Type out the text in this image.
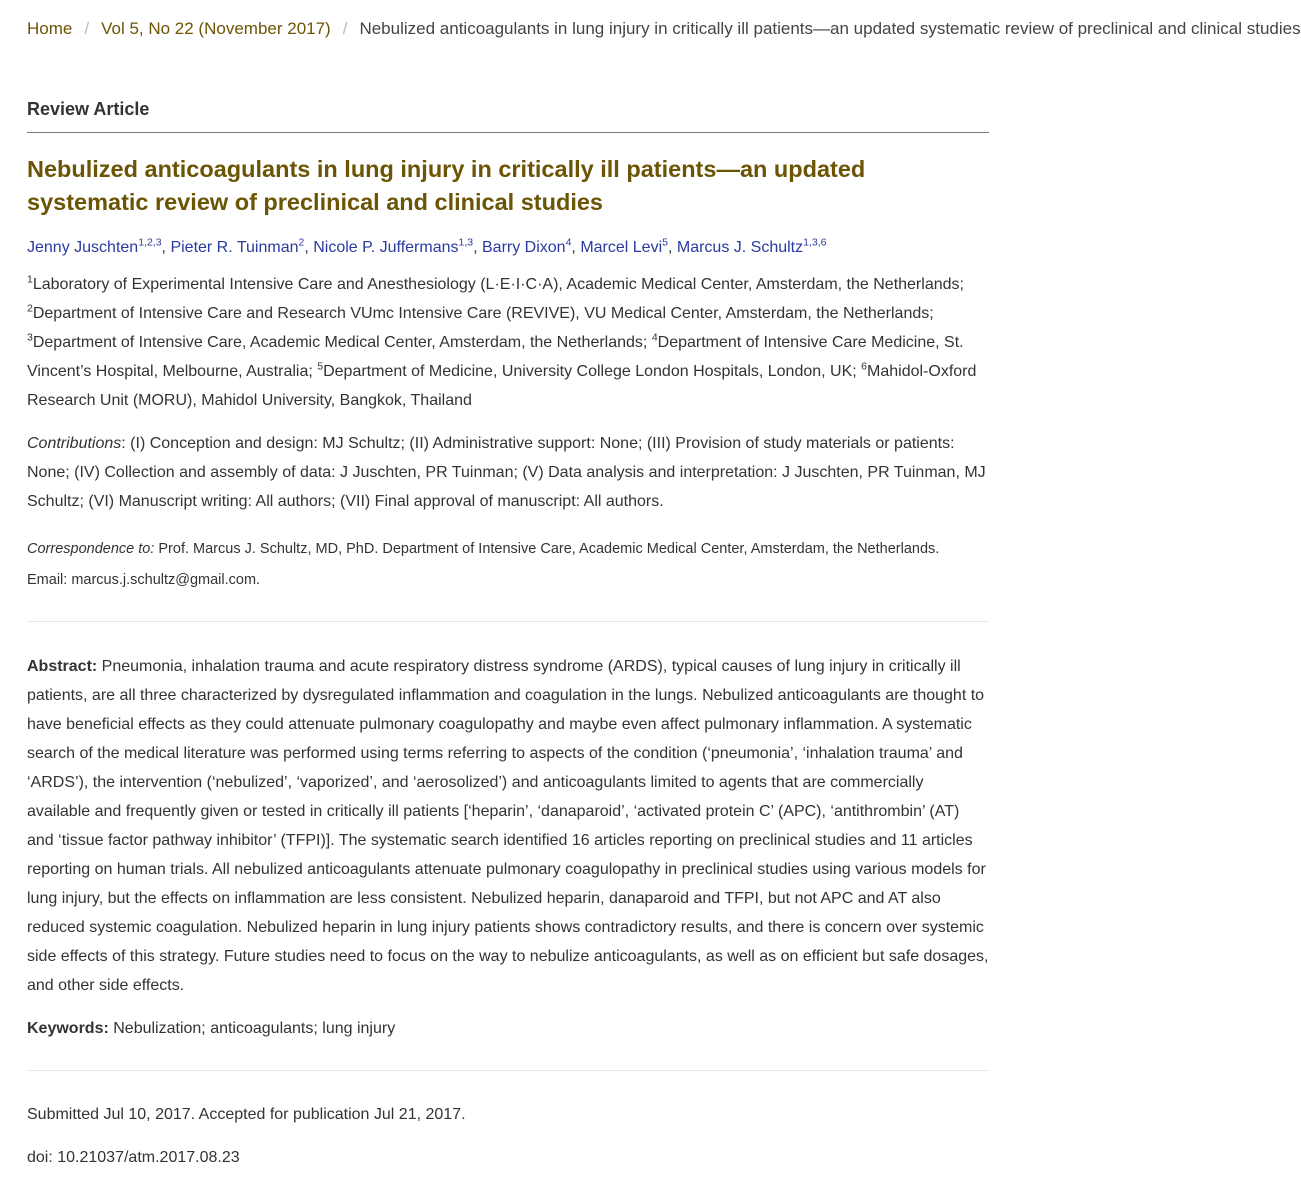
Home / Vol 5, No 22 (November 2017) / Nebulized anticoagulants in lung injury in critically ill patients—an updated systematic review of preclinical and clinical studies
Review Article
Nebulized anticoagulants in lung injury in critically ill patients—an updated systematic review of preclinical and clinical studies
Jenny Juschten$^{1,2,3}$, Pieter R. Tuinman$^2$, Nicole P. Juffermans$^{1,3}$, Barry Dixon$^4$, Marcel Levi$^5$, Marcus J. Schultz$^{1,3,6}$
$^1$Laboratory of Experimental Intensive Care and Anesthesiology (L·E·I·C·A), Academic Medical Center, Amsterdam, the Netherlands; $^2$Department of Intensive Care and Research VUmc Intensive Care (REVIVE), VU Medical Center, Amsterdam, the Netherlands; $^3$Department of Intensive Care, Academic Medical Center, Amsterdam, the Netherlands; $^4$Department of Intensive Care Medicine, St. Vincent’s Hospital, Melbourne, Australia; $^5$Department of Medicine, University College London Hospitals, London, UK; $^6$Mahidol-Oxford Research Unit (MORU), Mahidol University, Bangkok, Thailand
Contributions: (I) Conception and design: MJ Schultz; (II) Administrative support: None; (III) Provision of study materials or patients: None; (IV) Collection and assembly of data: J Juschten, PR Tuinman; (V) Data analysis and interpretation: J Juschten, PR Tuinman, MJ Schultz; (VI) Manuscript writing: All authors; (VII) Final approval of manuscript: All authors.
Correspondence to: Prof. Marcus J. Schultz, MD, PhD. Department of Intensive Care, Academic Medical Center, Amsterdam, the Netherlands.
Email: marcus.j.schultz@gmail.com.
Abstract: Pneumonia, inhalation trauma and acute respiratory distress syndrome (ARDS), typical causes of lung injury in critically ill patients, are all three characterized by dysregulated inflammation and coagulation in the lungs. Nebulized anticoagulants are thought to have beneficial effects as they could attenuate pulmonary coagulopathy and maybe even affect pulmonary inflammation. A systematic search of the medical literature was performed using terms referring to aspects of the condition (‘pneumonia’, ‘inhalation trauma’ and ‘ARDS’), the intervention (‘nebulized’, ‘vaporized’, and ‘aerosolized’) and anticoagulants limited to agents that are commercially available and frequently given or tested in critically ill patients [‘heparin’, ‘danaparoid’, ‘activated protein C’ (APC), ‘antithrombin’ (AT) and ‘tissue factor pathway inhibitor’ (TFPI)]. The systematic search identified 16 articles reporting on preclinical studies and 11 articles reporting on human trials. All nebulized anticoagulants attenuate pulmonary coagulopathy in preclinical studies using various models for lung injury, but the effects on inflammation are less consistent. Nebulized heparin, danaparoid and TFPI, but not APC and AT also reduced systemic coagulation. Nebulized heparin in lung injury patients shows contradictory results, and there is concern over systemic side effects of this strategy. Future studies need to focus on the way to nebulize anticoagulants, as well as on efficient but safe dosages, and other side effects.
Keywords: Nebulization; anticoagulants; lung injury
Submitted Jul 10, 2017. Accepted for publication Jul 21, 2017.
doi: 10.21037/atm.2017.08.23
